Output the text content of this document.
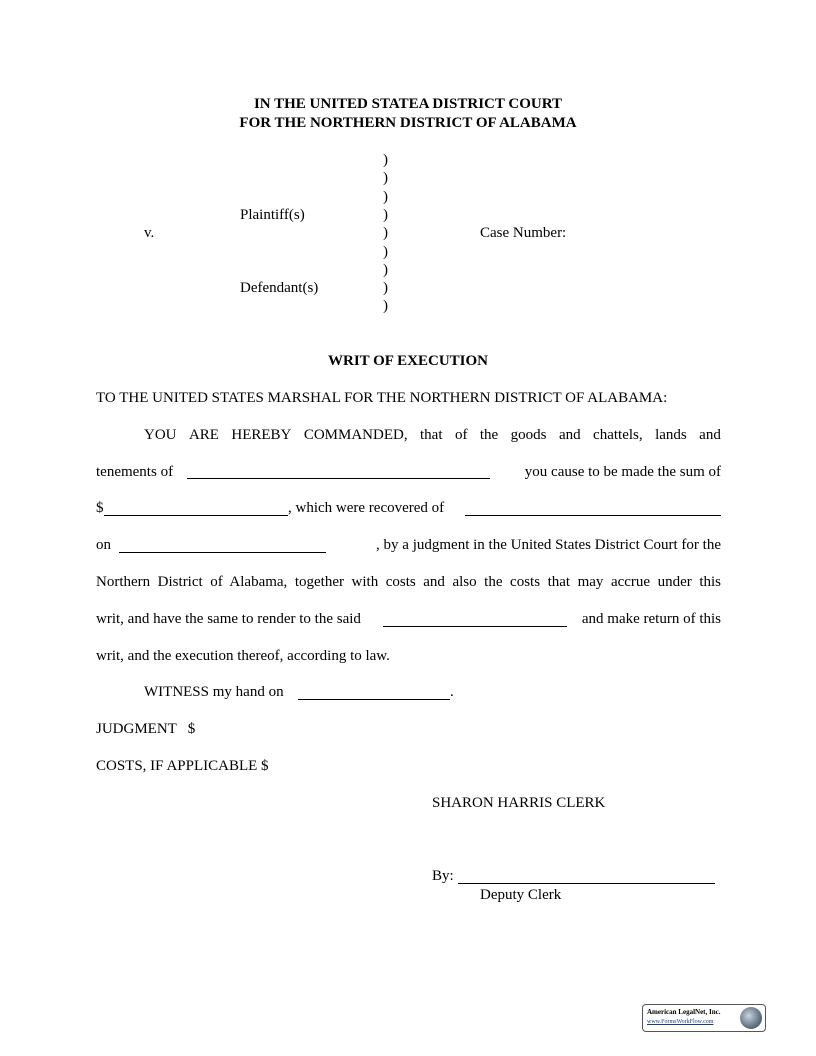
IN THE UNITED STATEA DISTRICT COURT
FOR THE NORTHERN DISTRICT OF ALABAMA
)
)
)
)
)
)
)
)
)
Plaintiff(s)
v.	Case Number:
Defendant(s)
WRIT OF EXECUTION
TO THE UNITED STATES MARSHAL FOR THE NORTHERN DISTRICT OF ALABAMA:
YOU ARE HEREBY COMMANDED, that of the goods and chattels, lands and
tenements of	you cause to be made the sum of
$	, which were recovered of
on	, by a judgment in the United States District Court for the
Northern District of Alabama, together with costs and also the costs that may accrue under this
writ, and have the same to render to the said	and make return of this
writ, and the execution thereof, according to law.
WITNESS my hand on	.
JUDGMENT   $
COSTS, IF APPLICABLE $
SHARON HARRIS CLERK
By:
Deputy Clerk
American LegalNet, Inc.
www.FormsWorkFlow.com
